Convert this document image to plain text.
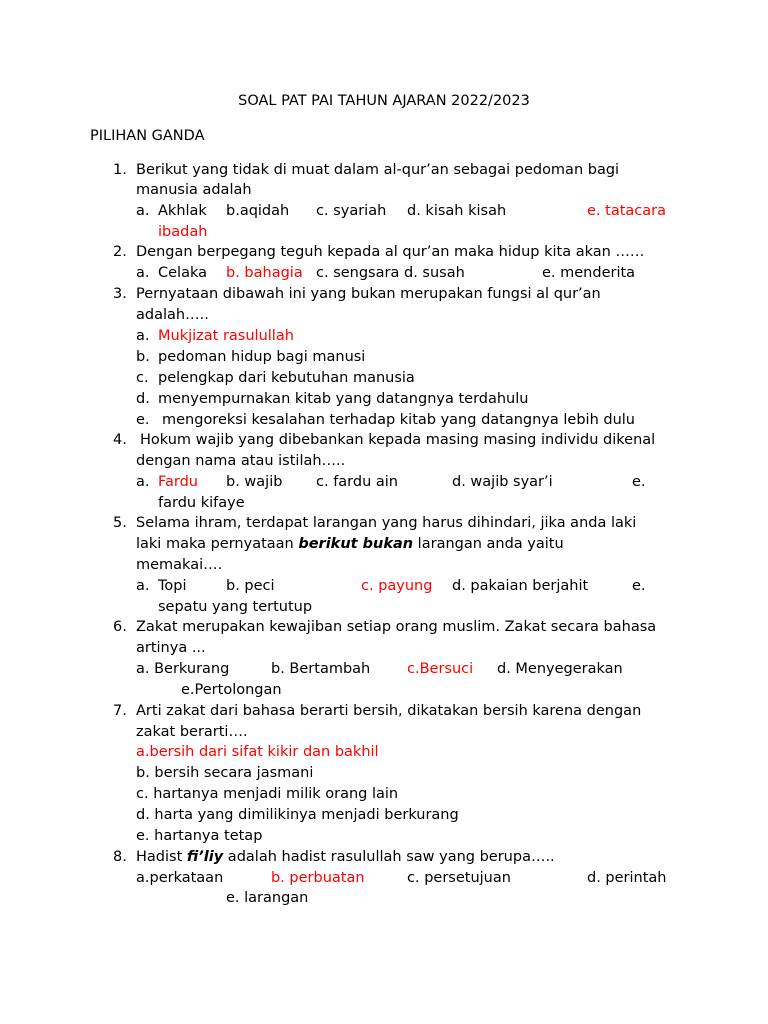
SOAL PAT PAI TAHUN AJARAN 2022/2023
PILIHAN GANDA
1. Berikut yang tidak di muat dalam al-qur’an sebagai pedoman bagi
manusia adalah
a. Akhlak b.aqidah c. syariah d. kisah kisah	e. tatacara
ibadah
2. Dengan berpegang teguh kepada al qur’an maka hidup kita akan ……
a. Celaka b. bahagia c. sengsara d. susah	e. menderita
3. Pernyataan dibawah ini yang bukan merupakan fungsi al qur’an
adalah…..
a. Mukjizat rasulullah
b. pedoman hidup bagi manusi
c. pelengkap dari kebutuhan manusia
d. menyempurnakan kitab yang datangnya terdahulu
e. mengoreksi kesalahan terhadap kitab yang datangnya lebih dulu
4. Hokum wajib yang dibebankan kepada masing masing individu dikenal
dengan nama atau istilah…..
a. Fardu b. wajib c. fardu ain	d. wajib syar’i	e.
fardu kifaye
5. Selama ihram, terdapat larangan yang harus dihindari, jika anda laki
laki maka pernyataan berikut bukan larangan anda yaitu
memakai….
a. Topi	b. peci	c. payung d. pakaian berjahit	e.
sepatu yang tertutup
6. Zakat merupakan kewajiban setiap orang muslim. Zakat secara bahasa
artinya ...
a. Berkurang	b. Bertambah	c.Bersuci d. Menyegerakan
e.Pertolongan
7. Arti zakat dari bahasa berarti bersih, dikatakan bersih karena dengan
zakat berarti….
a.bersih dari sifat kikir dan bakhil
b. bersih secara jasmani
c. hartanya menjadi milik orang lain
d. harta yang dimilikinya menjadi berkurang
e. hartanya tetap
8. Hadist fi’liy adalah hadist rasulullah saw yang berupa…..
a.perkataan	b. perbuatan	c. persetujuan	d. perintah
e. larangan
